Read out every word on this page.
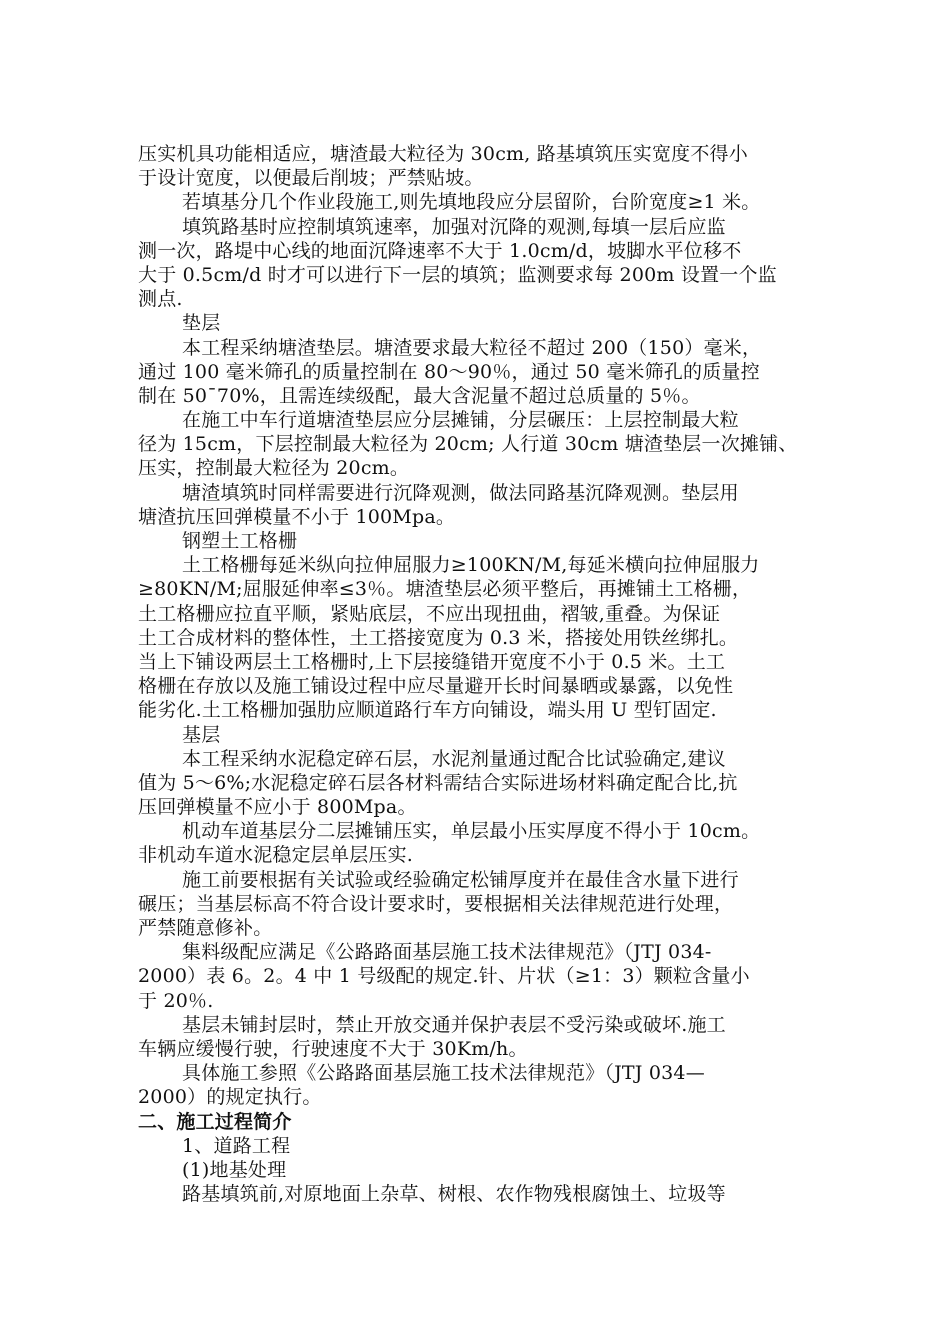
压实机具功能相适应，塘渣最大粒径为 30cm, 路基填筑压实宽度不得小
于设计宽度，以便最后削坡；严禁贴坡。
若填基分几个作业段施工,则先填地段应分层留阶，台阶宽度≥1 米。
填筑路基时应控制填筑速率，加强对沉降的观测,每填一层后应监
测一次，路堤中心线的地面沉降速率不大于 1.0cm/d，坡脚水平位移不
大于 0.5cm/d 时才可以进行下一层的填筑；监测要求每 200m 设置一个监
测点.
垫层
本工程采纳塘渣垫层。塘渣要求最大粒径不超过 200（150）毫米，
通过 100 毫米筛孔的质量控制在 80～90％，通过 50 毫米筛孔的质量控
制在 50¯70%，且需连续级配，最大含泥量不超过总质量的 5％。
在施工中车行道塘渣垫层应分层摊铺，分层碾压：上层控制最大粒
径为 15cm，下层控制最大粒径为 20cm; 人行道 30cm 塘渣垫层一次摊铺、
压实，控制最大粒径为 20cm。
塘渣填筑时同样需要进行沉降观测，做法同路基沉降观测。垫层用
塘渣抗压回弹模量不小于 100Mpa。
钢塑土工格栅
土工格栅每延米纵向拉伸屈服力≥100KN/M,每延米横向拉伸屈服力
≥80KN/M;屈服延伸率≤3％。塘渣垫层必须平整后，再摊铺土工格栅，
土工格栅应拉直平顺，紧贴底层，不应出现扭曲，褶皱,重叠。为保证
土工合成材料的整体性，土工搭接宽度为 0.3 米，搭接处用铁丝绑扎。
当上下铺设两层土工格栅时,上下层接缝错开宽度不小于 0.5 米。土工
格栅在存放以及施工铺设过程中应尽量避开长时间暴晒或暴露，以免性
能劣化.土工格栅加强肋应顺道路行车方向铺设，端头用 U 型钉固定.
基层
本工程采纳水泥稳定碎石层，水泥剂量通过配合比试验确定,建议
值为 5～6%;水泥稳定碎石层各材料需结合实际进场材料确定配合比,抗
压回弹模量不应小于 800Mpa。
机动车道基层分二层摊铺压实，单层最小压实厚度不得小于 10cm。
非机动车道水泥稳定层单层压实.
施工前要根据有关试验或经验确定松铺厚度并在最佳含水量下进行
碾压；当基层标高不符合设计要求时，要根据相关法律规范进行处理，
严禁随意修补。
集料级配应满足《公路路面基层施工技术法律规范》（JTJ 034-
2000）表 6。2。4 中 1 号级配的规定.针、片状（≥1：3）颗粒含量小
于 20％.
基层未铺封层时，禁止开放交通并保护表层不受污染或破坏.施工
车辆应缓慢行驶，行驶速度不大于 30Km/h。
具体施工参照《公路路面基层施工技术法律规范》（JTJ 034—
2000）的规定执行。
二、施工过程简介
1、道路工程
(1)地基处理
路基填筑前,对原地面上杂草、树根、农作物残根腐蚀土、垃圾等
